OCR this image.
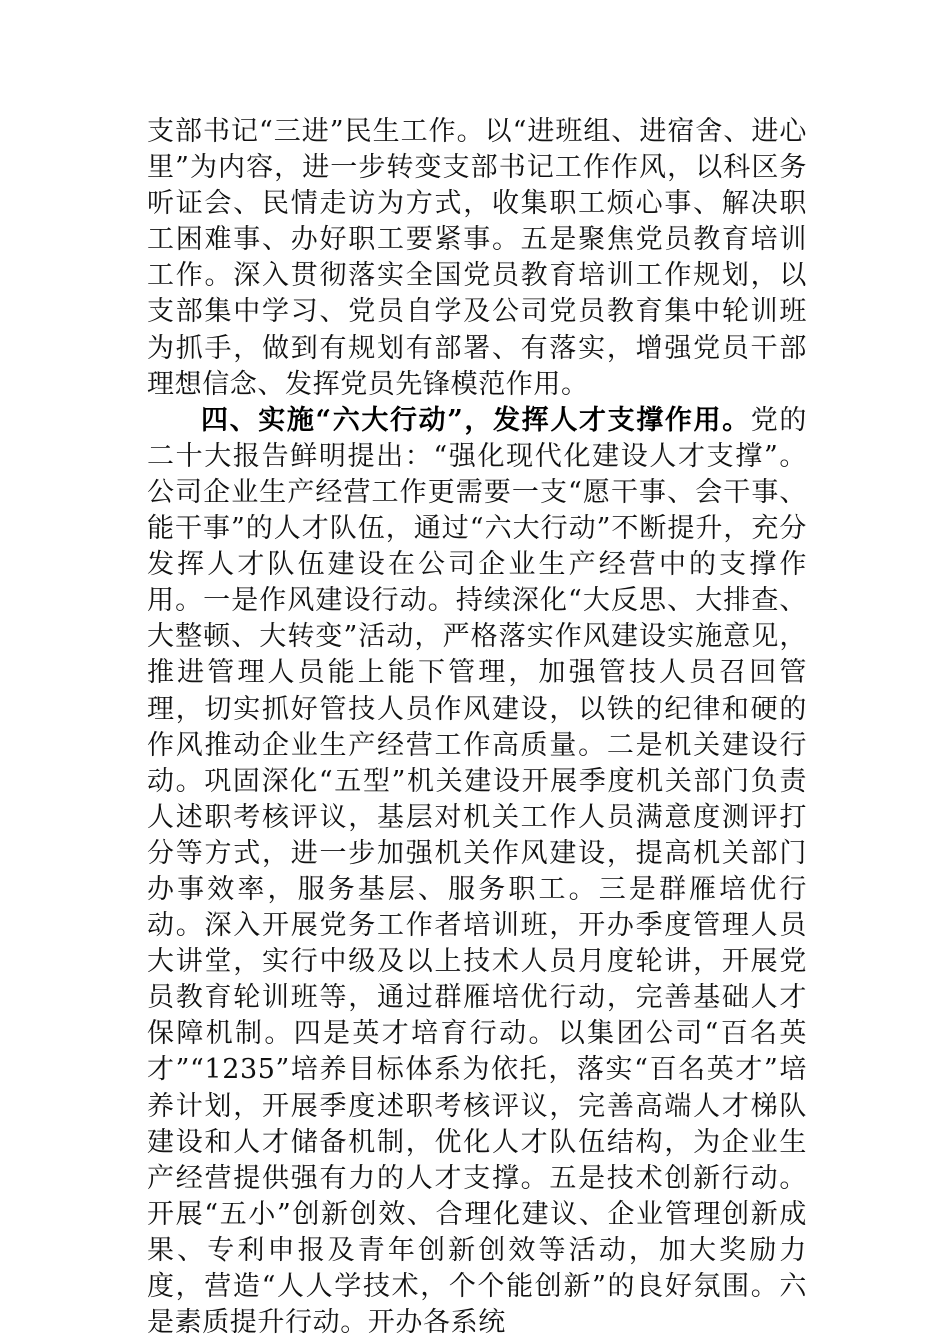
支部书记“三进”民生工作。以“进班组、进宿舍、进心里”为内容，进一步转变支部书记工作作风，以科区务听证会、民情走访为方式，收集职工烦心事、解决职工困难事、办好职工要紧事。五是聚焦党员教育培训工作。深入贯彻落实全国党员教育培训工作规划，以支部集中学习、党员自学及公司党员教育集中轮训班为抓手，做到有规划有部署、有落实，增强党员干部理想信念、发挥党员先锋模范作用。

四、实施“六大行动”，发挥人才支撑作用。党的二十大报告鲜明提出：“强化现代化建设人才支撑”。公司企业生产经营工作更需要一支“愿干事、会干事、能干事”的人才队伍，通过“六大行动”不断提升，充分发挥人才队伍建设在公司企业生产经营中的支撑作用。一是作风建设行动。持续深化“大反思、大排查、大整顿、大转变”活动，严格落实作风建设实施意见，推进管理人员能上能下管理，加强管技人员召回管理，切实抓好管技人员作风建设，以铁的纪律和硬的作风推动企业生产经营工作高质量。二是机关建设行动。巩固深化“五型”机关建设开展季度机关部门负责人述职考核评议，基层对机关工作人员满意度测评打分等方式，进一步加强机关作风建设，提高机关部门办事效率，服务基层、服务职工。三是群雁培优行动。深入开展党务工作者培训班，开办季度管理人员大讲堂，实行中级及以上技术人员月度轮讲，开展党员教育轮训班等，通过群雁培优行动，完善基础人才保障机制。四是英才培育行动。以集团公司“百名英才”“1235”培养目标体系为依托，落实“百名英才”培养计划，开展季度述职考核评议，完善高端人才梯队建设和人才储备机制，优化人才队伍结构，为企业生产经营提供强有力的人才支撑。五是技术创新行动。开展“五小”创新创效、合理化建议、企业管理创新成果、专利申报及青年创新创效等活动，加大奖励力度，营造“人人学技术，个个能创新”的良好氛围。六是素质提升行动。开办各系统
